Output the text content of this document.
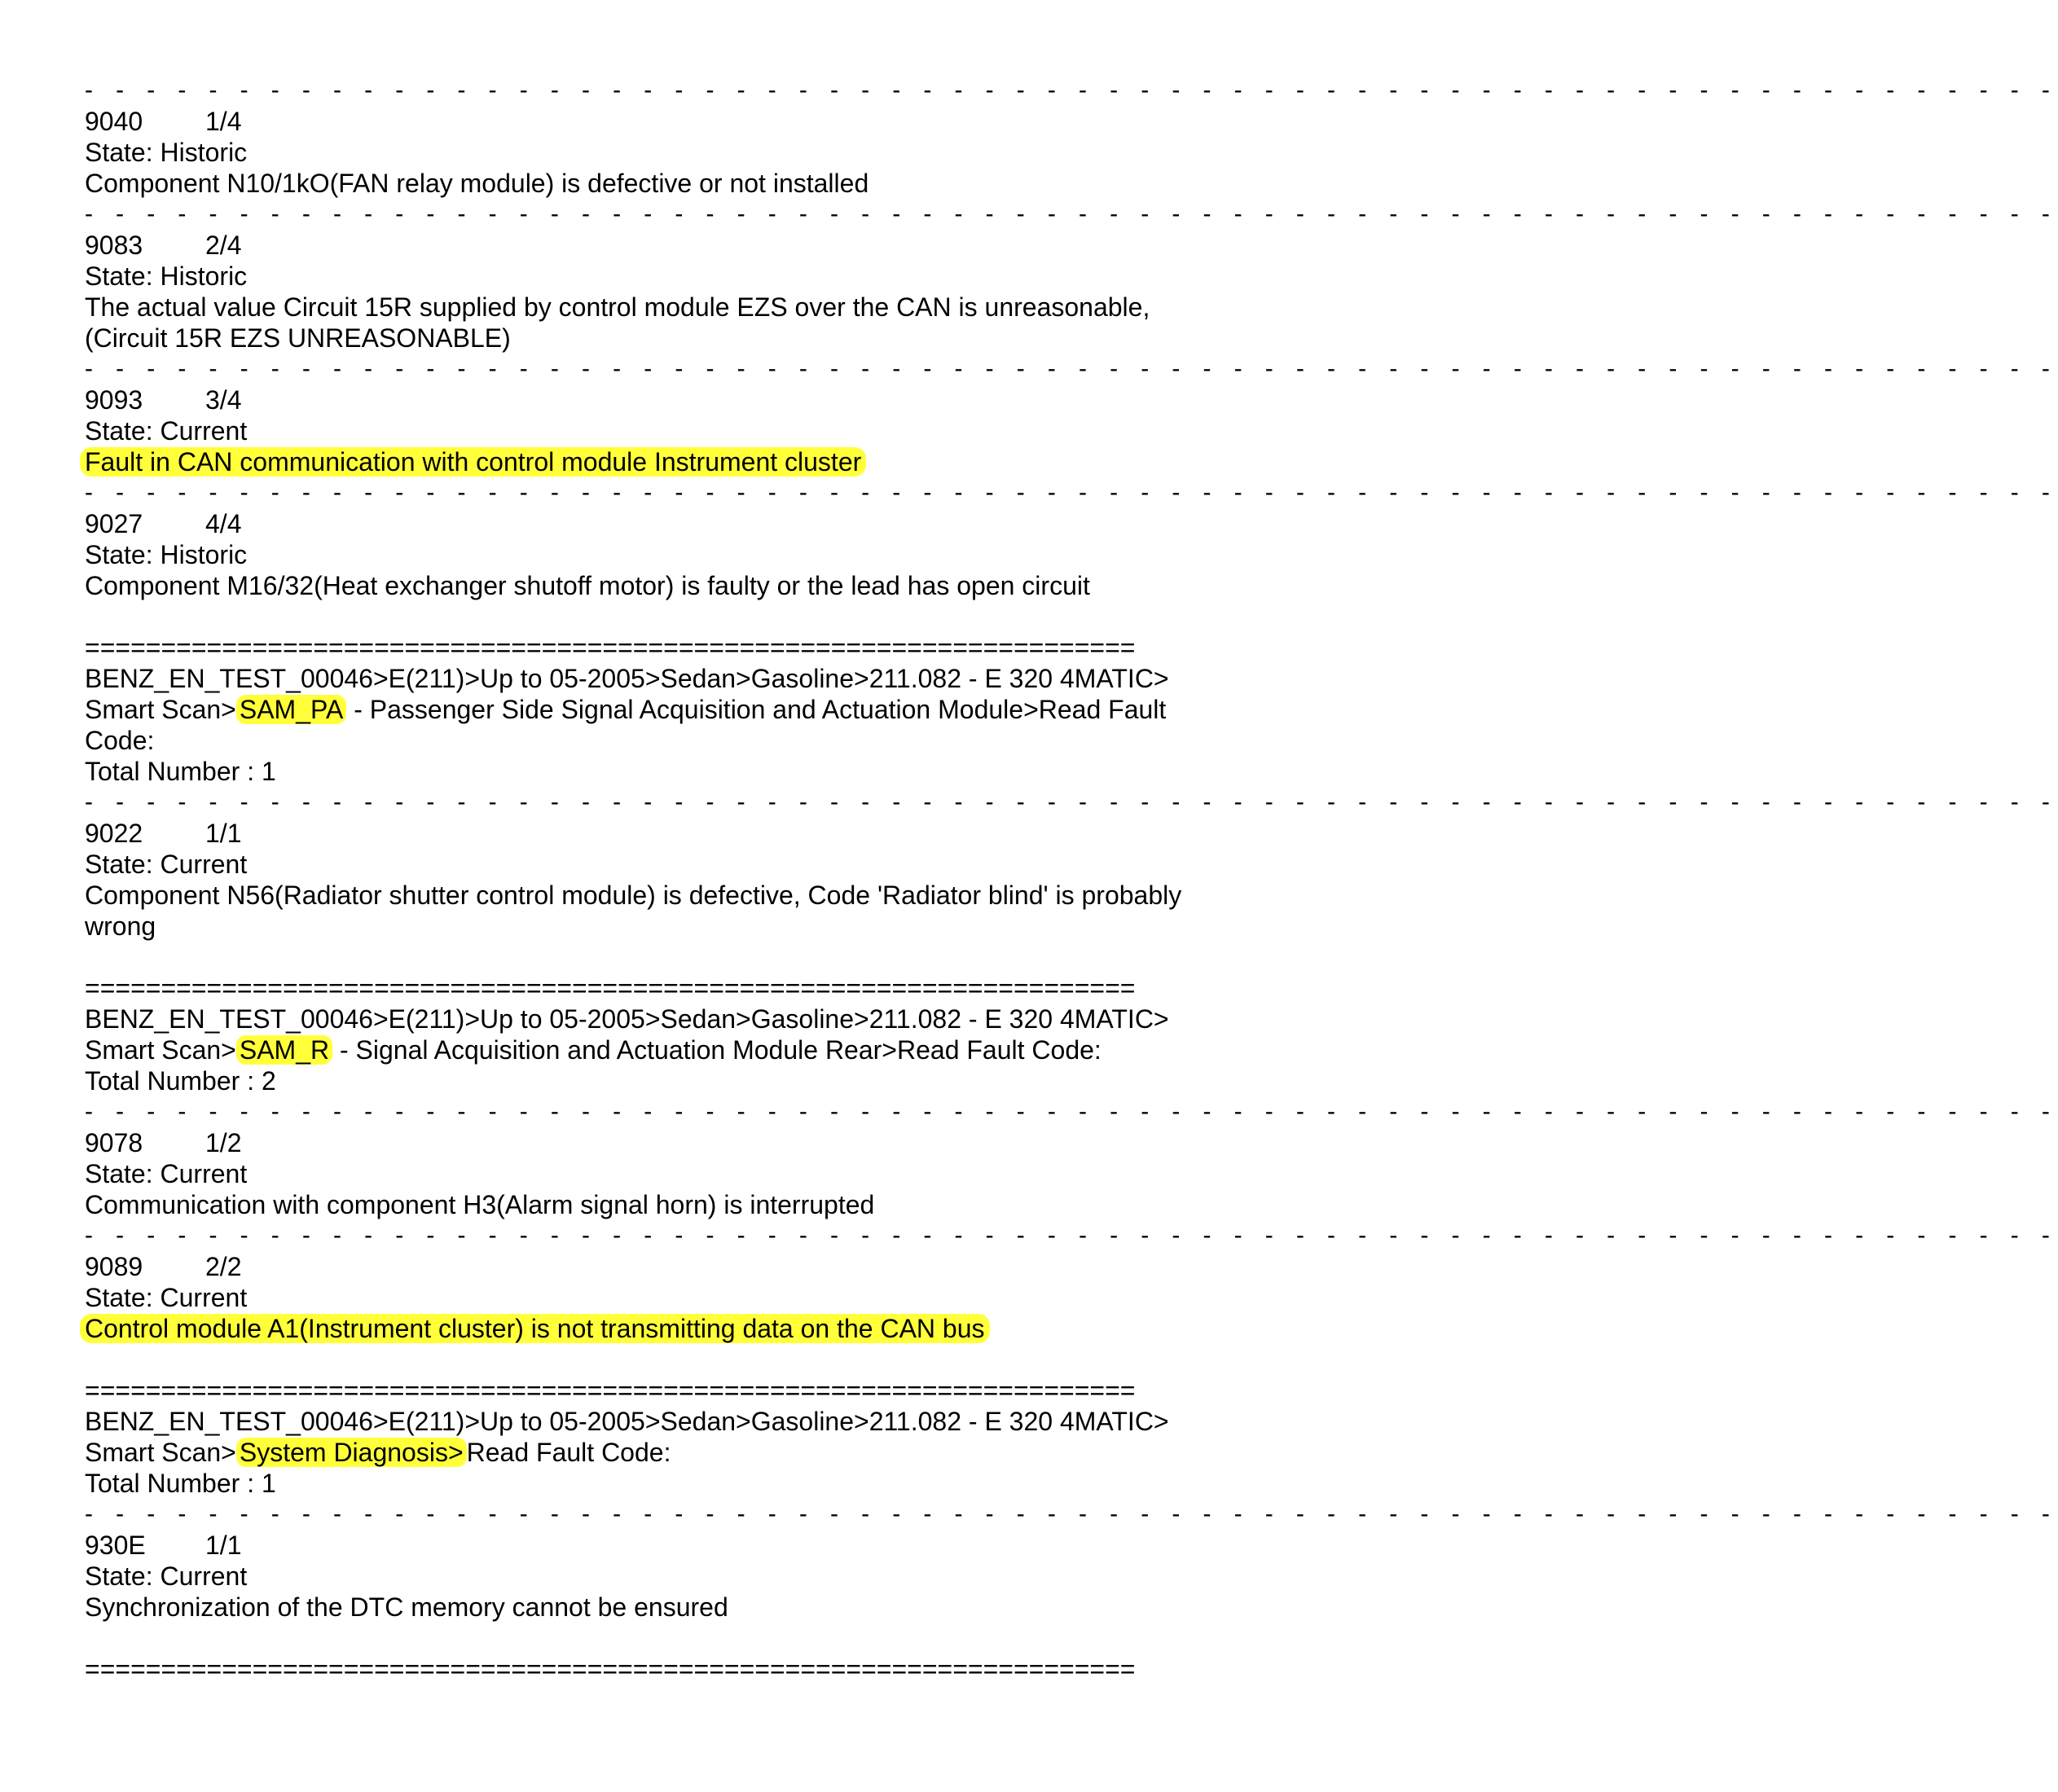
- - - - - - - - - - - - - - - - - - - - - - - - - - - - - - - - - - - - - - - - - - - - - - - - - - - - - - - - - - - - - - - -
9040 1/4
State: Historic
Component N10/1kO(FAN relay module) is defective or not installed
- - - - - - - - - - - - - - - - - - - - - - - - - - - - - - - - - - - - - - - - - - - - - - - - - - - - - - - - - - - - - - - -
9083 2/4
State: Historic
The actual value Circuit 15R supplied by control module EZS over the CAN is unreasonable,
(Circuit 15R EZS UNREASONABLE)
- - - - - - - - - - - - - - - - - - - - - - - - - - - - - - - - - - - - - - - - - - - - - - - - - - - - - - - - - - - - - - - -
9093 3/4
State: Current
Fault in CAN communication with control module Instrument cluster
- - - - - - - - - - - - - - - - - - - - - - - - - - - - - - - - - - - - - - - - - - - - - - - - - - - - - - - - - - - - - - - -
9027 4/4
State: Historic
Component M16/32(Heat exchanger shutoff motor) is faulty or the lead has open circuit
=====================================================================
BENZ_EN_TEST_00046>E(211)>Up to 05-2005>Sedan>Gasoline>211.082 - E 320 4MATIC>
Smart Scan> SAM_PA - Passenger Side Signal Acquisition and Actuation Module>Read Fault
Code:
Total Number : 1
- - - - - - - - - - - - - - - - - - - - - - - - - - - - - - - - - - - - - - - - - - - - - - - - - - - - - - - - - - - - - - - -
9022 1/1
State: Current
Component N56(Radiator shutter control module) is defective, Code 'Radiator blind' is probably
wrong
=====================================================================
BENZ_EN_TEST_00046>E(211)>Up to 05-2005>Sedan>Gasoline>211.082 - E 320 4MATIC>
Smart Scan> SAM_R - Signal Acquisition and Actuation Module Rear>Read Fault Code:
Total Number : 2
- - - - - - - - - - - - - - - - - - - - - - - - - - - - - - - - - - - - - - - - - - - - - - - - - - - - - - - - - - - - - - - -
9078 1/2
State: Current
Communication with component H3(Alarm signal horn) is interrupted
- - - - - - - - - - - - - - - - - - - - - - - - - - - - - - - - - - - - - - - - - - - - - - - - - - - - - - - - - - - - - - - -
9089 2/2
State: Current
Control module A1(Instrument cluster) is not transmitting data on the CAN bus
=====================================================================
BENZ_EN_TEST_00046>E(211)>Up to 05-2005>Sedan>Gasoline>211.082 - E 320 4MATIC>
Smart Scan> System Diagnosis> Read Fault Code:
Total Number : 1
- - - - - - - - - - - - - - - - - - - - - - - - - - - - - - - - - - - - - - - - - - - - - - - - - - - - - - - - - - - - - - - -
930E 1/1
State: Current
Synchronization of the DTC memory cannot be ensured
=====================================================================
